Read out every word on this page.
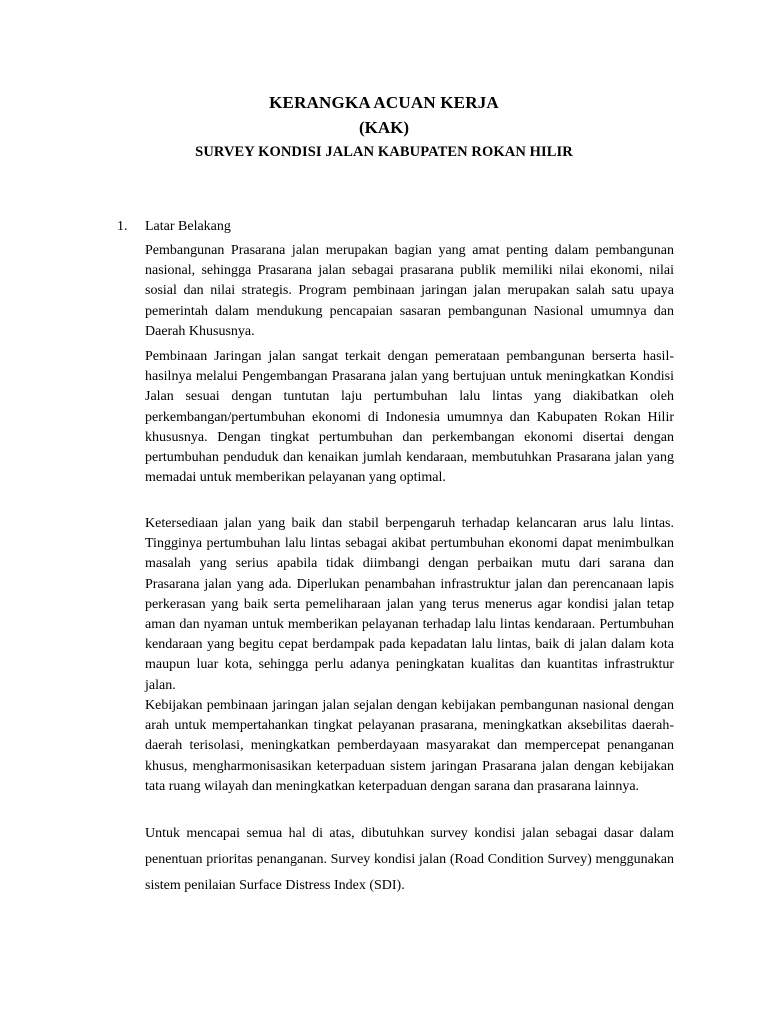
KERANGKA ACUAN KERJA
(KAK)
SURVEY KONDISI JALAN KABUPATEN ROKAN HILIR
1.	Latar Belakang

Pembangunan Prasarana jalan merupakan bagian yang amat penting dalam pembangunan nasional, sehingga Prasarana jalan sebagai prasarana publik memiliki nilai ekonomi, nilai sosial dan nilai strategis. Program pembinaan jaringan jalan merupakan salah satu upaya pemerintah dalam mendukung pencapaian sasaran pembangunan Nasional umumnya dan Daerah Khususnya.

Pembinaan Jaringan jalan sangat terkait dengan pemerataan pembangunan berserta hasil-hasilnya melalui Pengembangan Prasarana jalan yang bertujuan untuk meningkatkan Kondisi Jalan sesuai dengan tuntutan laju pertumbuhan lalu lintas yang diakibatkan oleh perkembangan/pertumbuhan ekonomi di Indonesia umumnya dan Kabupaten Rokan Hilir khususnya. Dengan tingkat pertumbuhan dan perkembangan ekonomi disertai dengan pertumbuhan penduduk dan kenaikan jumlah kendaraan, membutuhkan Prasarana jalan yang memadai untuk memberikan pelayanan yang optimal.

Ketersediaan jalan yang baik dan stabil berpengaruh terhadap kelancaran arus lalu lintas. Tingginya pertumbuhan lalu lintas sebagai akibat pertumbuhan ekonomi dapat menimbulkan masalah yang serius apabila tidak diimbangi dengan perbaikan mutu dari sarana dan Prasarana jalan yang ada. Diperlukan penambahan infrastruktur jalan dan perencanaan lapis perkerasan yang baik serta pemeliharaan jalan yang terus menerus agar kondisi jalan tetap aman dan nyaman untuk memberikan pelayanan terhadap lalu lintas kendaraan. Pertumbuhan kendaraan yang begitu cepat berdampak pada kepadatan lalu lintas, baik di jalan dalam kota maupun luar kota, sehingga perlu adanya peningkatan kualitas dan kuantitas infrastruktur jalan.

Kebijakan pembinaan jaringan jalan sejalan dengan kebijakan pembangunan nasional dengan arah untuk mempertahankan tingkat pelayanan prasarana, meningkatkan aksebilitas daerah-daerah terisolasi, meningkatkan pemberdayaan masyarakat dan mempercepat penanganan khusus, mengharmonisasikan keterpaduan sistem jaringan Prasarana jalan dengan kebijakan tata ruang wilayah dan meningkatkan keterpaduan dengan sarana dan prasarana lainnya.

Untuk mencapai semua hal di atas, dibutuhkan survey kondisi jalan sebagai dasar dalam penentuan prioritas penanganan. Survey kondisi jalan (Road Condition Survey) menggunakan sistem penilaian Surface Distress Index (SDI).
